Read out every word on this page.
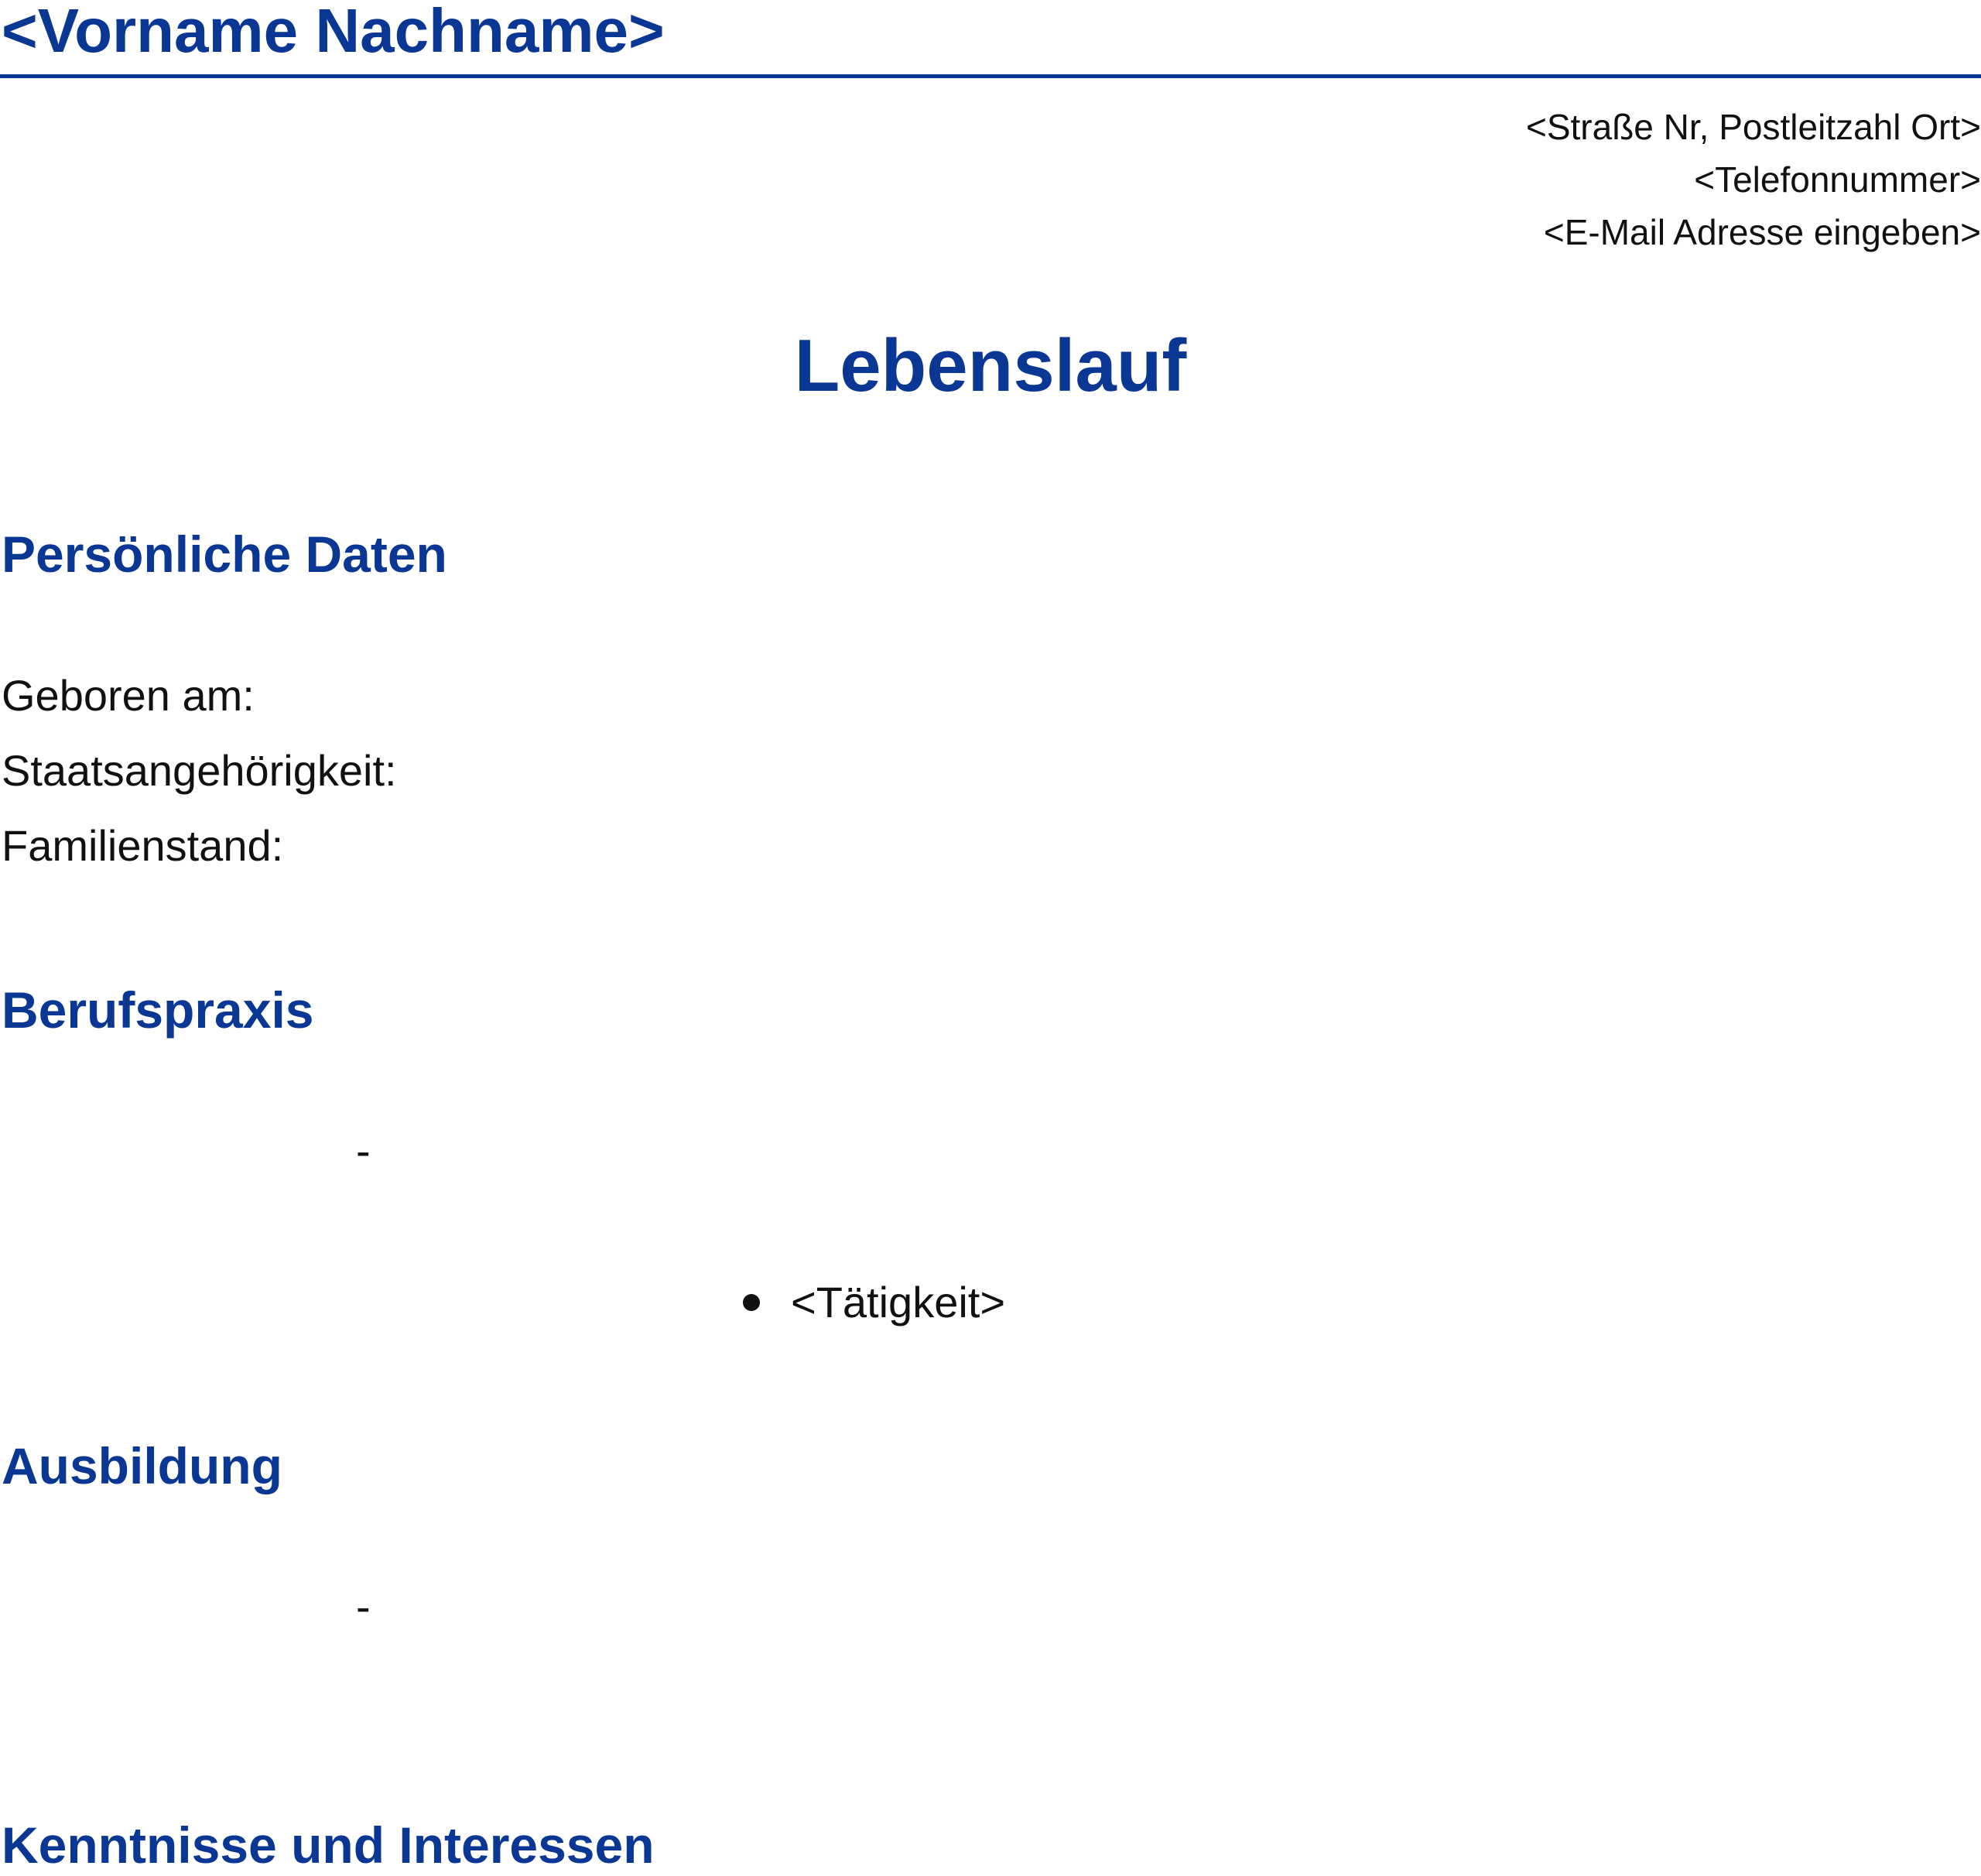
<Vorname Nachname>
<Straße Nr, Postleitzahl Ort>
<Telefonnummer>
<E-Mail Adresse eingeben>
Lebenslauf
Persönliche Daten
Geboren am:
Staatsangehörigkeit:
Familienstand:
Berufspraxis
-
<Tätigkeit>
Ausbildung
-
Kenntnisse und Interessen
